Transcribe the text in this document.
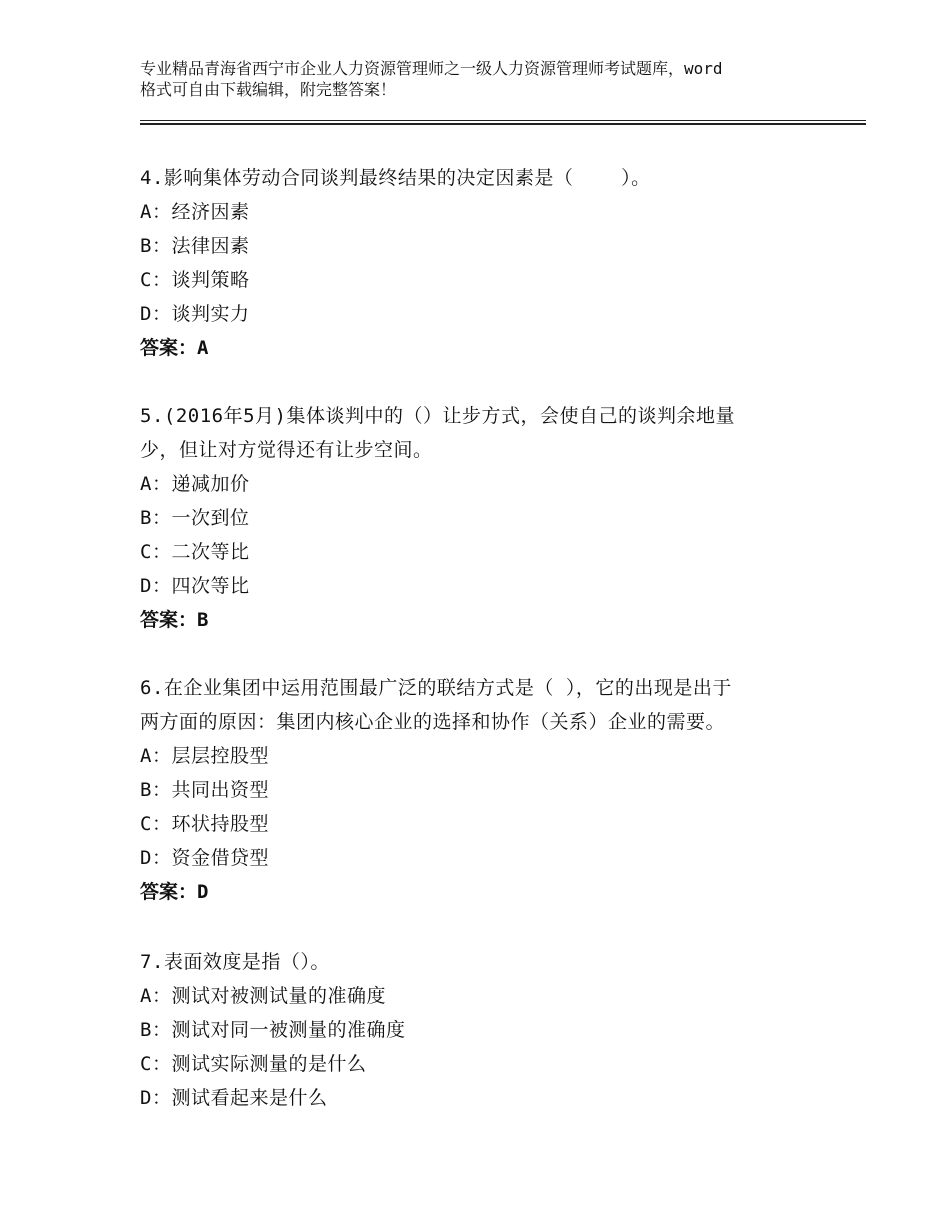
专业精品青海省西宁市企业人力资源管理师之一级人力资源管理师考试题库，word
格式可自由下载编辑，附完整答案！

4.影响集体劳动合同谈判最终结果的决定因素是（    ）。

A：经济因素

B：法律因素

C：谈判策略

D：谈判实力

答案：A

5.(2016年5月)集体谈判中的（）让步方式，会使自己的谈判余地量
少，但让对方觉得还有让步空间。

A：递减加价

B：一次到位

C：二次等比

D：四次等比

答案：B

6.在企业集团中运用范围最广泛的联结方式是（ ），它的出现是出于
两方面的原因：集团内核心企业的选择和协作（关系）企业的需要。

A：层层控股型

B：共同出资型

C：环状持股型

D：资金借贷型

答案：D

7.表面效度是指（）。

A：测试对被测试量的准确度

B：测试对同一被测量的准确度

C：测试实际测量的是什么

D：测试看起来是什么
